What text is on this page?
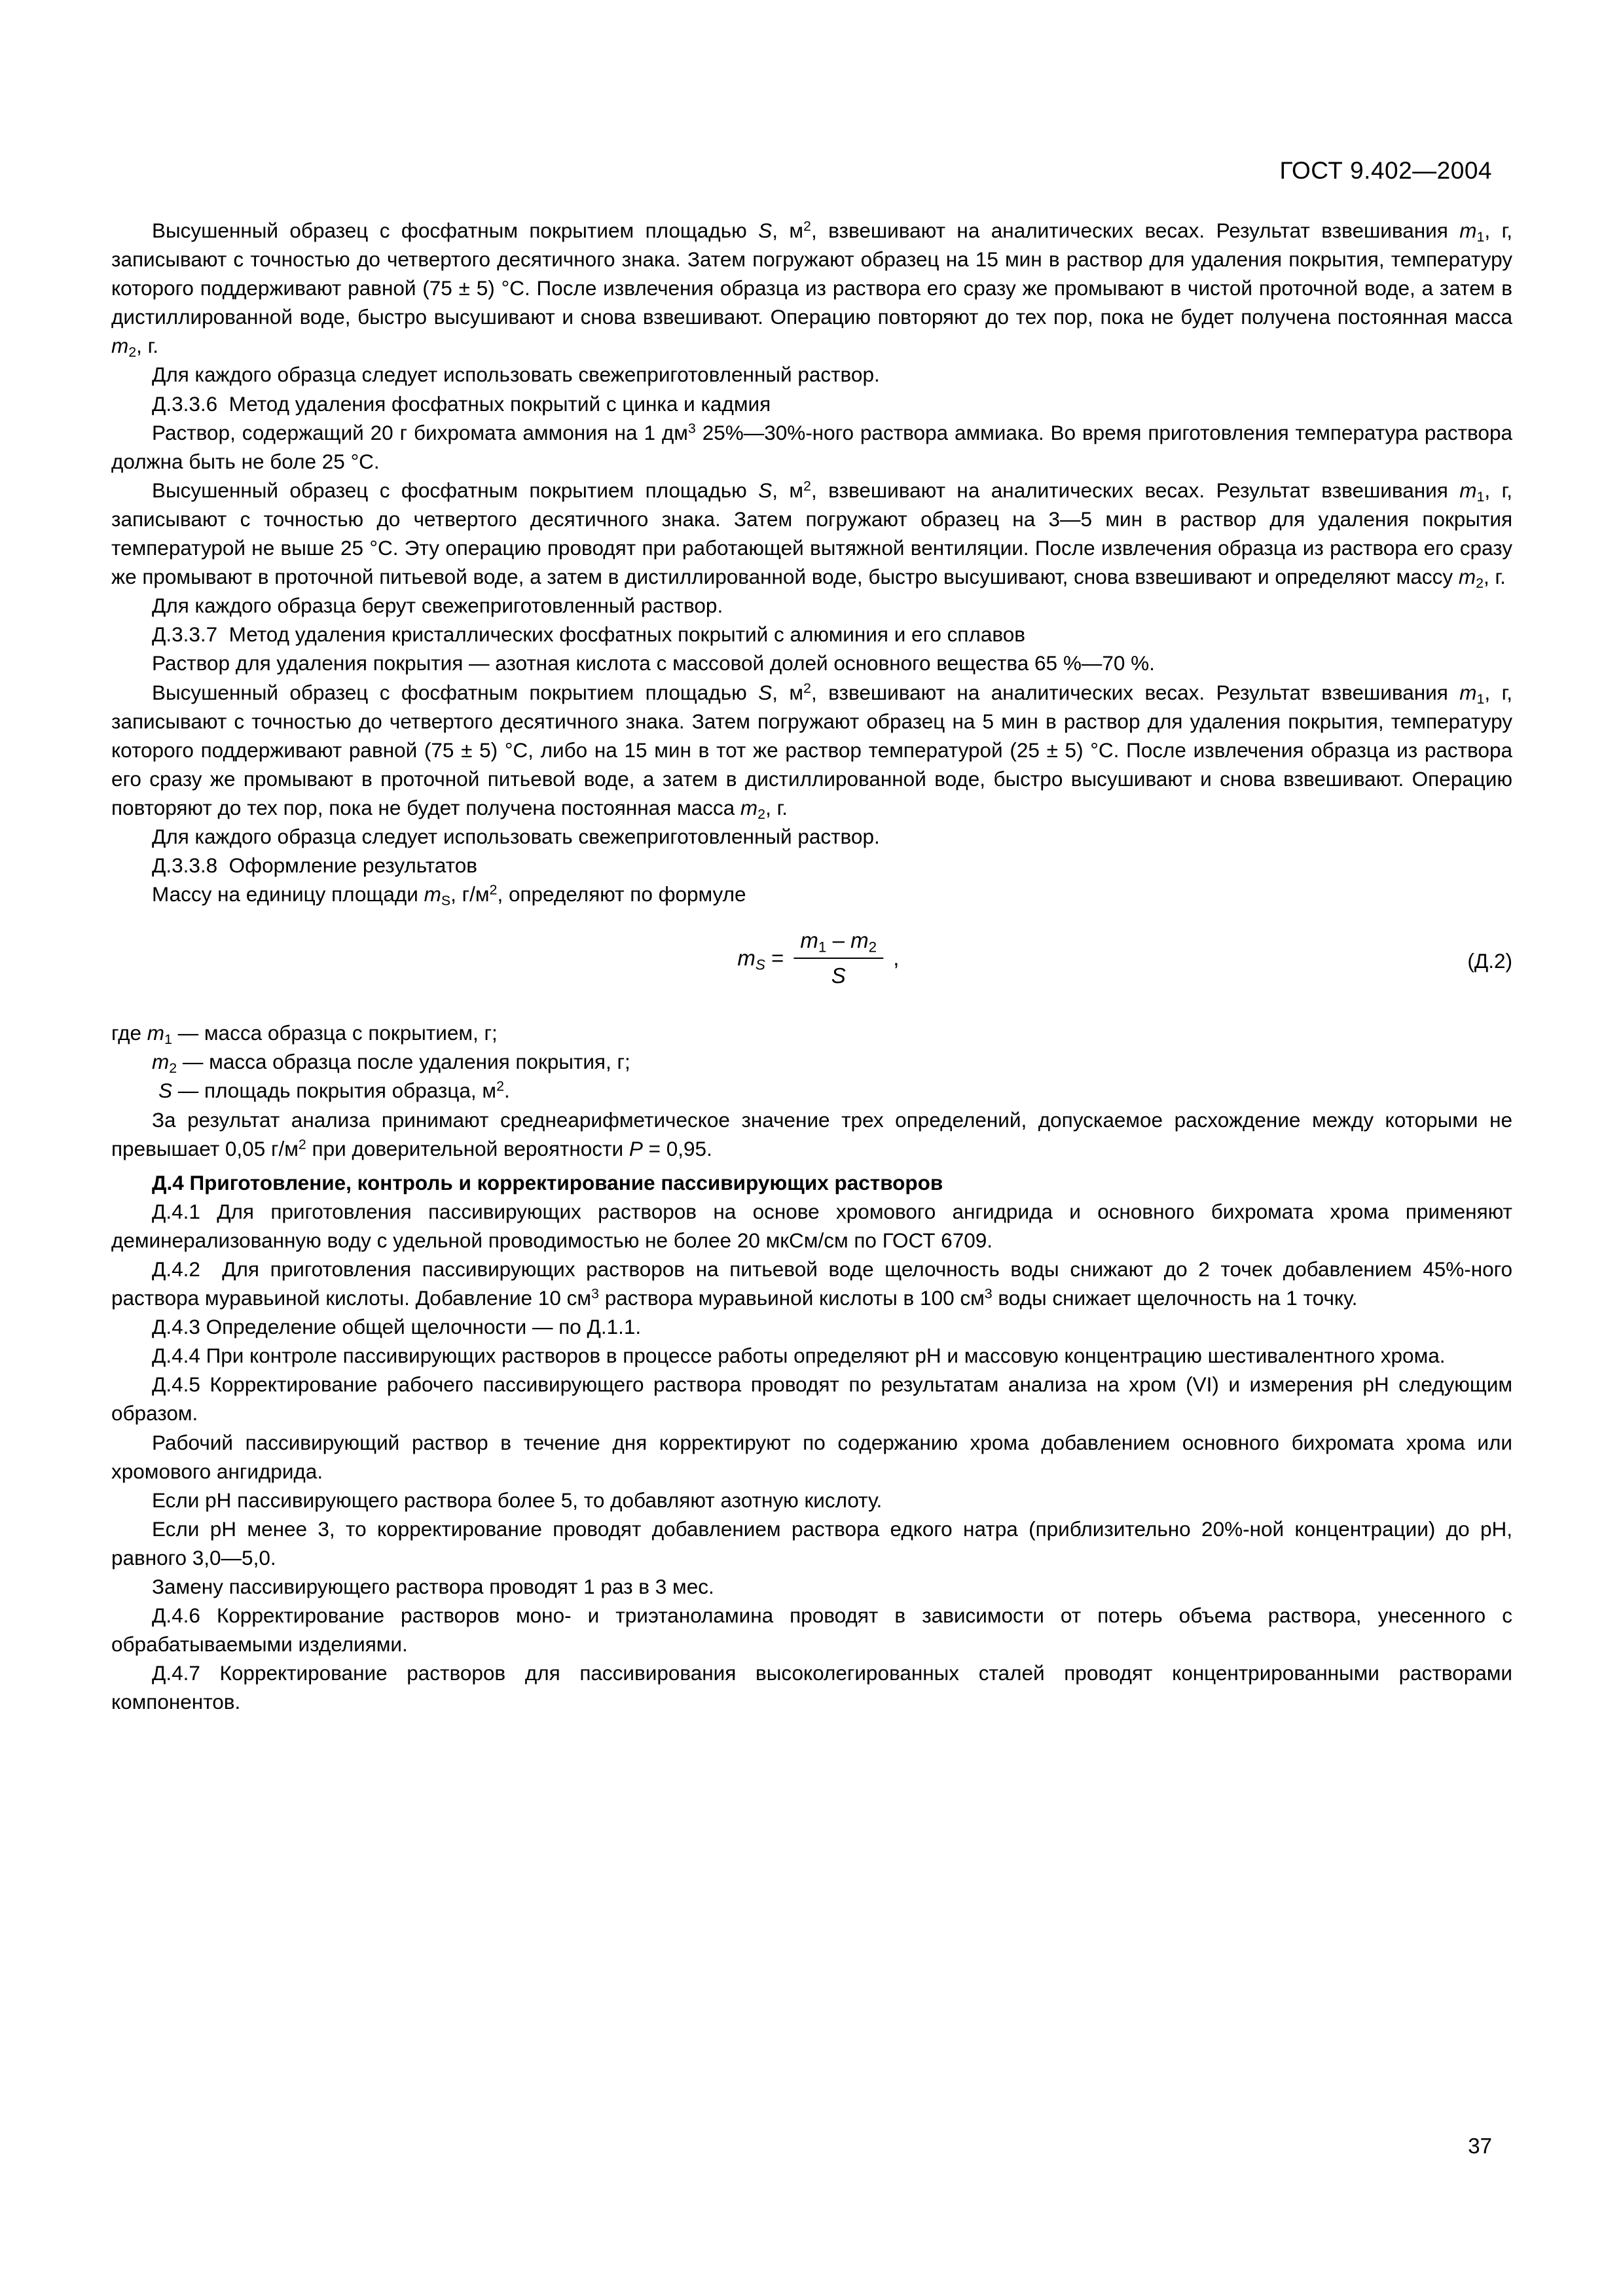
ГОСТ 9.402—2004

Высушенный образец с фосфатным покрытием площадью S, $м^2$, взвешивают на аналитических весах. Результат взвешивания $m_1$, г, записывают с точностью до четвертого десятичного знака. Затем погружают образец на 15 мин в раствор для удаления покрытия, температуру которого поддерживают равной (75 ± 5) °С. После извлечения образца из раствора его сразу же промывают в чистой проточной воде, а затем в дистиллированной воде, быстро высушивают и снова взвешивают. Операцию повторяют до тех пор, пока не будет получена постоянная масса $m_2$, г.

Для каждого образца следует использовать свежеприготовленный раствор.

Д.3.3.6  Метод удаления фосфатных покрытий с цинка и кадмия

Раствор, содержащий 20 г бихромата аммония на 1 $дм^3$ 25%—30%-ного раствора аммиака. Во время приготовления температура раствора должна быть не боле 25 °С.

Высушенный образец с фосфатным покрытием площадью S, $м^2$, взвешивают на аналитических весах. Результат взвешивания $m_1$, г, записывают с точностью до четвертого десятичного знака. Затем погружают образец на 3—5 мин в раствор для удаления покрытия температурой не выше 25 °С. Эту операцию проводят при работающей вытяжной вентиляции. После извлечения образца из раствора его сразу же промывают в проточной питьевой воде, а затем в дистиллированной воде, быстро высушивают, снова взвешивают и определяют массу $m_2$, г.

Для каждого образца берут свежеприготовленный раствор.

Д.3.3.7  Метод удаления кристаллических фосфатных покрытий с алюминия и его сплавов

Раствор для удаления покрытия — азотная кислота с массовой долей основного вещества 65 %—70 %.

Высушенный образец с фосфатным покрытием площадью S, $м^2$, взвешивают на аналитических весах. Результат взвешивания $m_1$, г, записывают с точностью до четвертого десятичного знака. Затем погружают образец на 5 мин в раствор для удаления покрытия, температуру которого поддерживают равной (75 ± 5) °С, либо на 15 мин в тот же раствор температурой (25 ± 5) °С. После извлечения образца из раствора его сразу же промывают в проточной питьевой воде, а затем в дистиллированной воде, быстро высушивают и снова взвешивают. Операцию повторяют до тех пор, пока не будет получена постоянная масса $m_2$, г.

Для каждого образца следует использовать свежеприготовленный раствор.

Д.3.3.8  Оформление результатов

Массу на единицу площади $m_S$, $г/м^2$, определяют по формуле

$m_S = \frac{m_1 - m_2}{S}$ ,	(Д.2)

где $m_1$ — масса образца с покрытием, г;

$m_2$ — масса образца после удаления покрытия, г;

S — площадь покрытия образца, $м^2$.

За результат анализа принимают среднеарифметическое значение трех определений, допускаемое расхождение между которыми не превышает 0,05 $г/м^2$ при доверительной вероятности P = 0,95.

Д.4 Приготовление, контроль и корректирование пассивирующих растворов

Д.4.1 Для приготовления пассивирующих растворов на основе хромового ангидрида и основного бихромата хрома применяют деминерализованную воду с удельной проводимостью не более 20 мкСм/см по ГОСТ 6709.

Д.4.2  Для приготовления пассивирующих растворов на питьевой воде щелочность воды снижают до 2 точек добавлением 45%-ного раствора муравьиной кислоты. Добавление 10 $см^3$ раствора муравьиной кислоты в 100 $см^3$ воды снижает щелочность на 1 точку.

Д.4.3 Определение общей щелочности — по Д.1.1.

Д.4.4 При контроле пассивирующих растворов в процессе работы определяют pH и массовую концентрацию шестивалентного хрома.

Д.4.5 Корректирование рабочего пассивирующего раствора проводят по результатам анализа на хром (VI) и измерения pH следующим образом.

Рабочий пассивирующий раствор в течение дня корректируют по содержанию хрома добавлением основного бихромата хрома или хромового ангидрида.

Если pH пассивирующего раствора более 5, то добавляют азотную кислоту.

Если pH менее 3, то корректирование проводят добавлением раствора едкого натра (приблизительно 20%-ной концентрации) до pH, равного 3,0—5,0.

Замену пассивирующего раствора проводят 1 раз в 3 мес.

Д.4.6 Корректирование растворов моно- и триэтаноламина проводят в зависимости от потерь объема раствора, унесенного с обрабатываемыми изделиями.

Д.4.7 Корректирование растворов для пассивирования высоколегированных сталей проводят концентрированными растворами компонентов.

37
